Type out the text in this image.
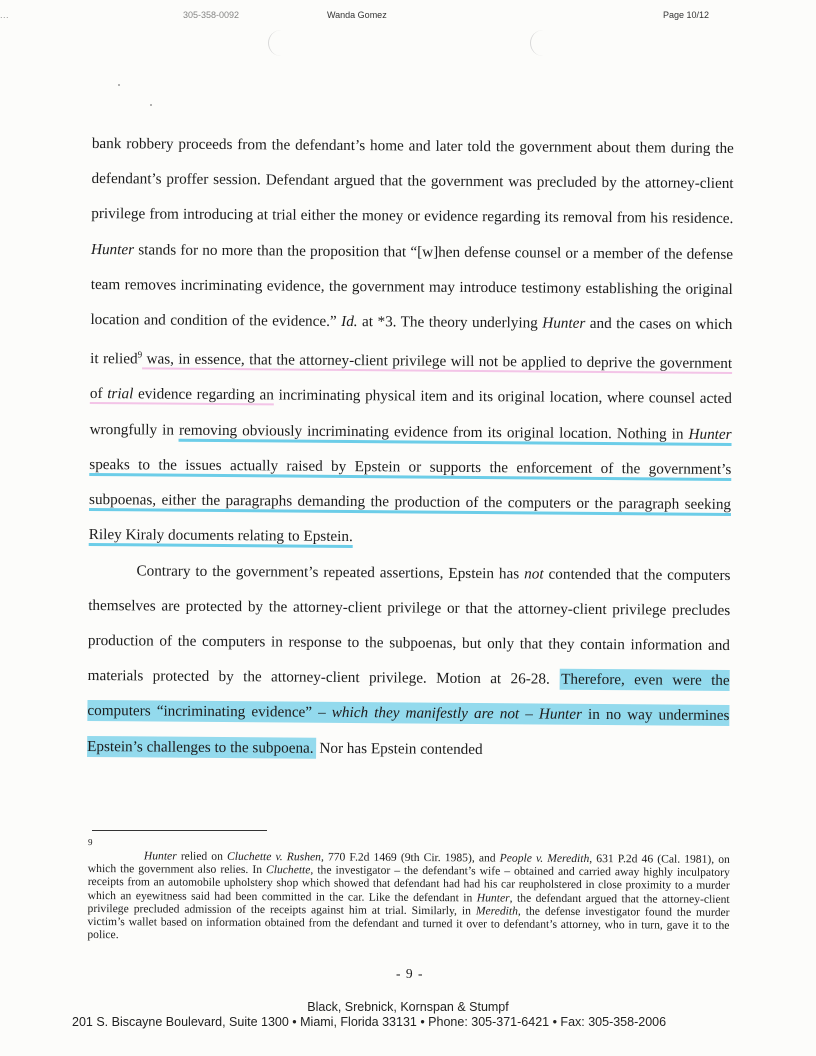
...	305-358-0092	Wanda Gomez	Page 10/12

bank robbery proceeds from the defendant’s home and later told the government about them during the defendant’s proffer session. Defendant argued that the government was precluded by the attorney-client privilege from introducing at trial either the money or evidence regarding its removal from his residence. Hunter stands for no more than the proposition that “[w]hen defense counsel or a member of the defense team removes incriminating evidence, the government may introduce testimony establishing the original location and condition of the evidence.” Id. at *3. The theory underlying Hunter and the cases on which it relied$^9$ was, in essence, that the attorney-client privilege will not be applied to deprive the government of trial evidence regarding an incriminating physical item and its original location, where counsel acted wrongfully in removing obviously incriminating evidence from its original location. Nothing in Hunter speaks to the issues actually raised by Epstein or supports the enforcement of the government’s subpoenas, either the paragraphs demanding the production of the computers or the paragraph seeking Riley Kiraly documents relating to Epstein.

Contrary to the government’s repeated assertions, Epstein has not contended that the computers themselves are protected by the attorney-client privilege or that the attorney-client privilege precludes production of the computers in response to the subpoenas, but only that they contain information and materials protected by the attorney-client privilege. Motion at 26-28. Therefore, even were the computers “incriminating evidence” – which they manifestly are not – Hunter in no way undermines Epstein’s challenges to the subpoena. Nor has Epstein contended

9

Hunter relied on Cluchette v. Rushen, 770 F.2d 1469 (9th Cir. 1985), and People v. Meredith, 631 P.2d 46 (Cal. 1981), on which the government also relies. In Cluchette, the investigator – the defendant’s wife – obtained and carried away highly inculpatory receipts from an automobile upholstery shop which showed that defendant had had his car reupholstered in close proximity to a murder which an eyewitness said had been committed in the car. Like the defendant in Hunter, the defendant argued that the attorney-client privilege precluded admission of the receipts against him at trial. Similarly, in Meredith, the defense investigator found the murder victim’s wallet based on information obtained from the defendant and turned it over to defendant’s attorney, who in turn, gave it to the police.

- 9 -
Black, Srebnick, Kornspan & Stumpf
201 S. Biscayne Boulevard, Suite 1300 • Miami, Florida 33131 • Phone: 305-371-6421 • Fax: 305-358-2006
